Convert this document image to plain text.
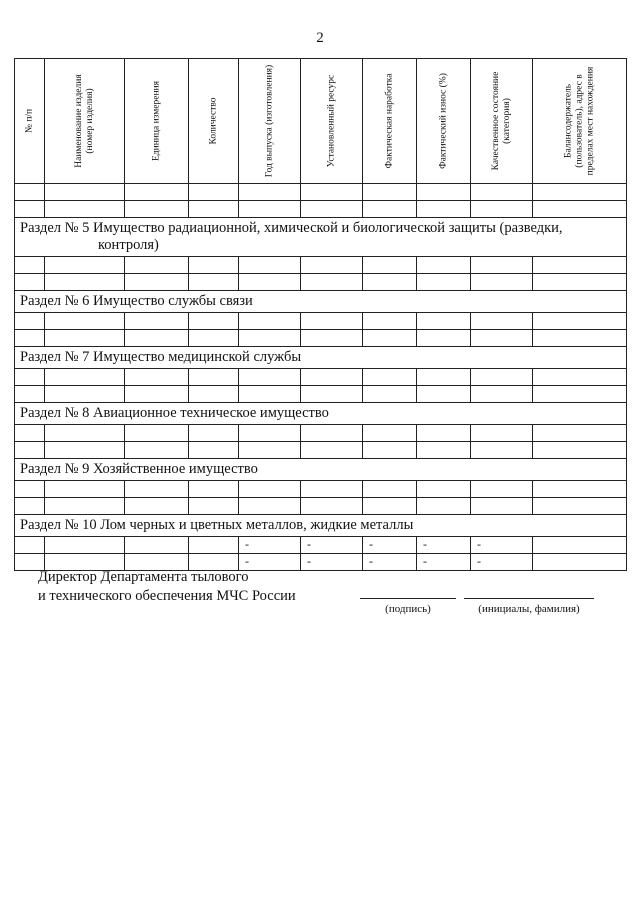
2
№ п/п	Наименование изделия (номер изделия)	Единица измерения	Количество	Год выпуска (изготовления)	Установленный ресурс	Фактическая наработка	Фактический износ (%)	Качественное состояние (категория)	Балансодержатель (пользователь), адрес в пределах мест нахождения

Раздел № 5 Имущество радиационной, химической и биологической защиты (разведки,
контроля)									

Раздел № 6 Имущество службы связи									

Раздел № 7 Имущество медицинской службы									

Раздел № 8 Авиационное техническое имущество									

Раздел № 9 Хозяйственное имущество									

Раздел № 10 Лом черных и цветных металлов, жидкие металлы									
				-	-	-	-	-	
				-	-	-	-	-	
Директор Департамента тылового
и технического обеспечения МЧС России
(подпись)	(инициалы, фамилия)
